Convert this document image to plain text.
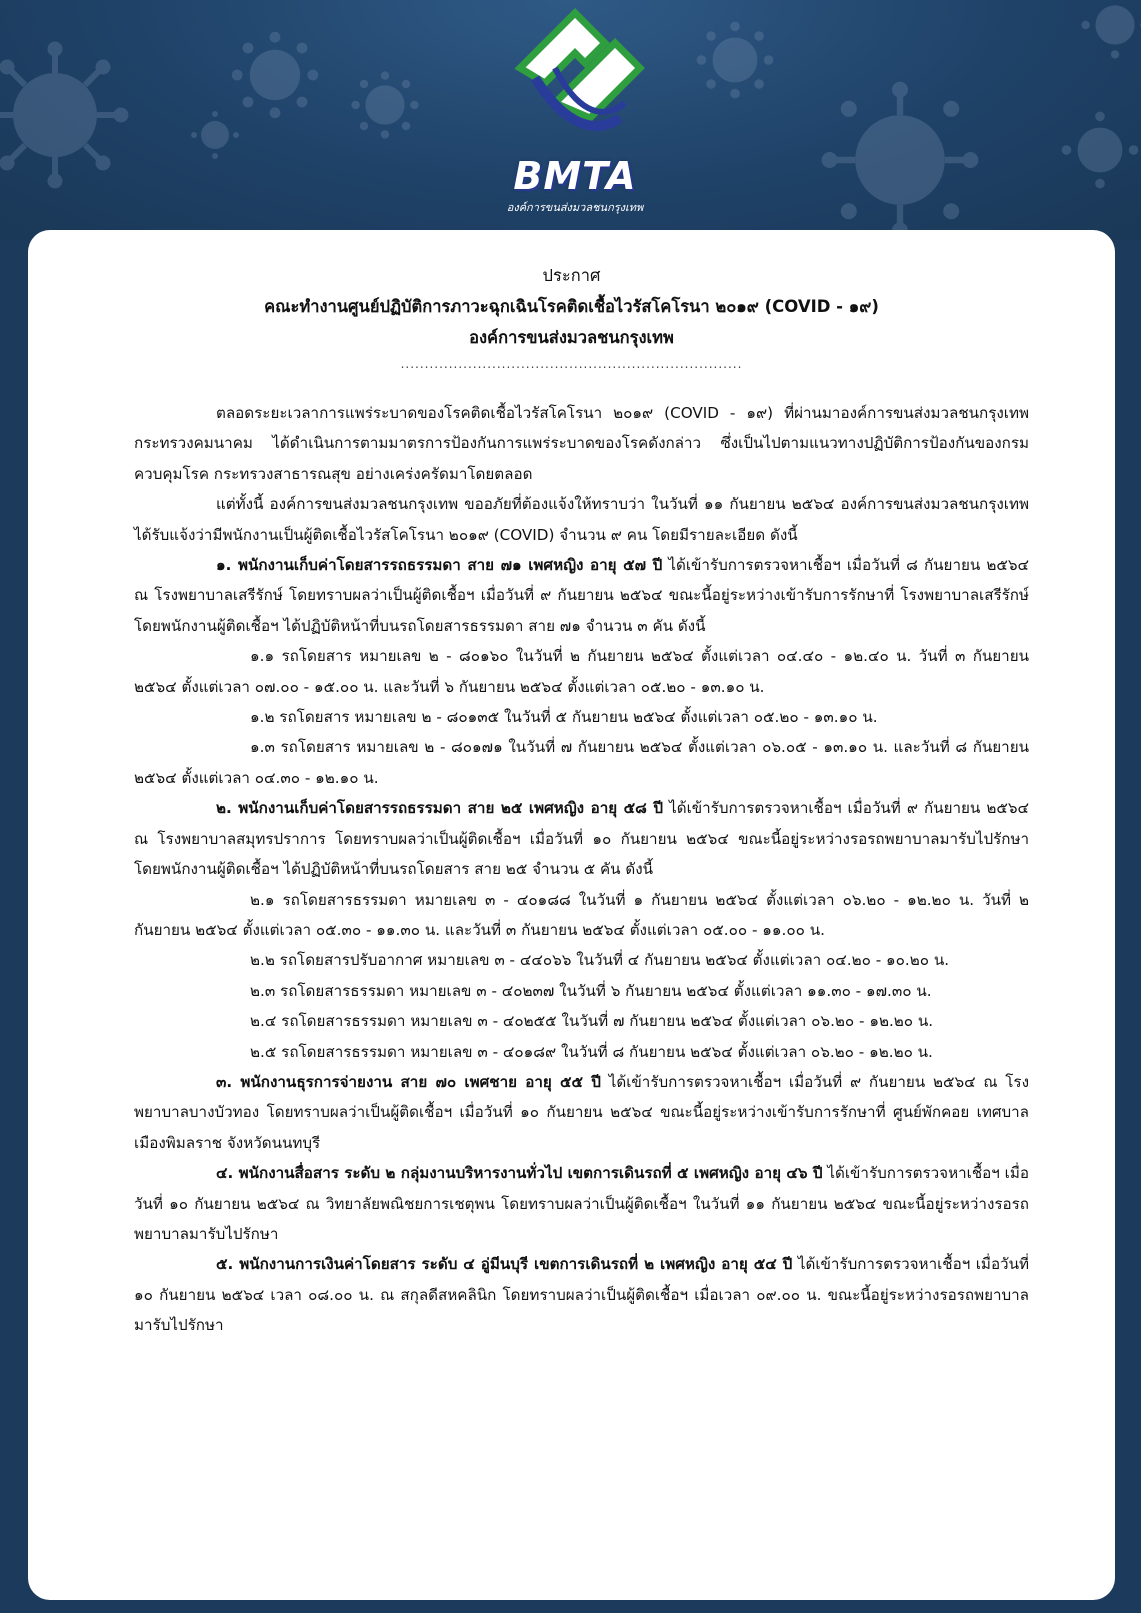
BMTA
องค์การขนส่งมวลชนกรุงเทพ
ประกาศ
คณะทำงานศูนย์ปฏิบัติการภาวะฉุกเฉินโรคติดเชื้อไวรัสโคโรนา ๒๐๑๙ (COVID - ๑๙)
องค์การขนส่งมวลชนกรุงเทพ
.......................................................................

ตลอดระยะเวลาการแพร่ระบาดของโรคติดเชื้อไวรัสโคโรนา ๒๐๑๙ (COVID - ๑๙) ที่ผ่านมาองค์การขนส่งมวลชนกรุงเทพ กระทรวงคมนาคม ได้ดำเนินการตามมาตรการป้องกันการแพร่ระบาดของโรคดังกล่าว ซึ่งเป็นไปตามแนวทางปฏิบัติการป้องกันของกรมควบคุมโรค กระทรวงสาธารณสุข อย่างเคร่งครัดมาโดยตลอด

แต่ทั้งนี้ องค์การขนส่งมวลชนกรุงเทพ ขออภัยที่ต้องแจ้งให้ทราบว่า ในวันที่ ๑๑ กันยายน ๒๕๖๔ องค์การขนส่งมวลชนกรุงเทพ ได้รับแจ้งว่ามีพนักงานเป็นผู้ติดเชื้อไวรัสโคโรนา ๒๐๑๙ (COVID) จำนวน ๙ คน โดยมีรายละเอียด ดังนี้

๑. พนักงานเก็บค่าโดยสารรถธรรมดา สาย ๗๑ เพศหญิง อายุ ๕๗ ปี ได้เข้ารับการตรวจหาเชื้อฯ เมื่อวันที่ ๘ กันยายน ๒๕๖๔ ณ โรงพยาบาลเสรีรักษ์ โดยทราบผลว่าเป็นผู้ติดเชื้อฯ เมื่อวันที่ ๙ กันยายน ๒๕๖๔ ขณะนี้อยู่ระหว่างเข้ารับการรักษาที่ โรงพยาบาลเสรีรักษ์ โดยพนักงานผู้ติดเชื้อฯ ได้ปฏิบัติหน้าที่บนรถโดยสารธรรมดา สาย ๗๑ จำนวน ๓ คัน ดังนี้

๑.๑ รถโดยสาร หมายเลข ๒ - ๘๐๑๖๐ ในวันที่ ๒ กันยายน ๒๕๖๔ ตั้งแต่เวลา ๐๔.๔๐ - ๑๒.๔๐ น. วันที่ ๓ กันยายน ๒๕๖๔ ตั้งแต่เวลา ๐๗.๐๐ - ๑๕.๐๐ น. และวันที่ ๖ กันยายน ๒๕๖๔ ตั้งแต่เวลา ๐๕.๒๐ - ๑๓.๑๐ น.

๑.๒ รถโดยสาร หมายเลข ๒ - ๘๐๑๓๕ ในวันที่ ๕ กันยายน ๒๕๖๔ ตั้งแต่เวลา ๐๕.๒๐ - ๑๓.๑๐ น.

๑.๓ รถโดยสาร หมายเลข ๒ - ๘๐๑๗๑ ในวันที่ ๗ กันยายน ๒๕๖๔ ตั้งแต่เวลา ๐๖.๐๕ - ๑๓.๑๐ น. และวันที่ ๘ กันยายน ๒๕๖๔ ตั้งแต่เวลา ๐๔.๓๐ - ๑๒.๑๐ น.

๒. พนักงานเก็บค่าโดยสารรถธรรมดา สาย ๒๕ เพศหญิง อายุ ๕๘ ปี ได้เข้ารับการตรวจหาเชื้อฯ เมื่อวันที่ ๙ กันยายน ๒๕๖๔ ณ โรงพยาบาลสมุทรปราการ โดยทราบผลว่าเป็นผู้ติดเชื้อฯ เมื่อวันที่ ๑๐ กันยายน ๒๕๖๔ ขณะนี้อยู่ระหว่างรอรถพยาบาลมารับไปรักษา โดยพนักงานผู้ติดเชื้อฯ ได้ปฏิบัติหน้าที่บนรถโดยสาร สาย ๒๕ จำนวน ๕ คัน ดังนี้

๒.๑ รถโดยสารธรรมดา หมายเลข ๓ - ๔๐๑๘๘ ในวันที่ ๑ กันยายน ๒๕๖๔ ตั้งแต่เวลา ๐๖.๒๐ - ๑๒.๒๐ น. วันที่ ๒ กันยายน ๒๕๖๔ ตั้งแต่เวลา ๐๕.๓๐ - ๑๑.๓๐ น. และวันที่ ๓ กันยายน ๒๕๖๔ ตั้งแต่เวลา ๐๕.๐๐ - ๑๑.๐๐ น.

๒.๒ รถโดยสารปรับอากาศ หมายเลข ๓ - ๔๔๐๖๖ ในวันที่ ๔ กันยายน ๒๕๖๔ ตั้งแต่เวลา ๐๔.๒๐ - ๑๐.๒๐ น.

๒.๓ รถโดยสารธรรมดา หมายเลข ๓ - ๔๐๒๓๗ ในวันที่ ๖ กันยายน ๒๕๖๔ ตั้งแต่เวลา ๑๑.๓๐ - ๑๗.๓๐ น.

๒.๔ รถโดยสารธรรมดา หมายเลข ๓ - ๔๐๒๕๕ ในวันที่ ๗ กันยายน ๒๕๖๔ ตั้งแต่เวลา ๐๖.๒๐ - ๑๒.๒๐ น.

๒.๕ รถโดยสารธรรมดา หมายเลข ๓ - ๔๐๑๘๙ ในวันที่ ๘ กันยายน ๒๕๖๔ ตั้งแต่เวลา ๐๖.๒๐ - ๑๒.๒๐ น.

๓. พนักงานธุรการจ่ายงาน สาย ๗๐ เพศชาย อายุ ๕๕ ปี ได้เข้ารับการตรวจหาเชื้อฯ เมื่อวันที่ ๙ กันยายน ๒๕๖๔ ณ โรงพยาบาลบางบัวทอง โดยทราบผลว่าเป็นผู้ติดเชื้อฯ เมื่อวันที่ ๑๐ กันยายน ๒๕๖๔ ขณะนี้อยู่ระหว่างเข้ารับการรักษาที่ ศูนย์พักคอย เทศบาลเมืองพิมลราช จังหวัดนนทบุรี

๔. พนักงานสื่อสาร ระดับ ๒ กลุ่มงานบริหารงานทั่วไป เขตการเดินรถที่ ๕ เพศหญิง อายุ ๔๖ ปี ได้เข้ารับการตรวจหาเชื้อฯ เมื่อวันที่ ๑๐ กันยายน ๒๕๖๔ ณ วิทยาลัยพณิชยการเชตุพน โดยทราบผลว่าเป็นผู้ติดเชื้อฯ ในวันที่ ๑๑ กันยายน ๒๕๖๔ ขณะนี้อยู่ระหว่างรอรถพยาบาลมารับไปรักษา

๕. พนักงานการเงินค่าโดยสาร ระดับ ๔ อู่มีนบุรี เขตการเดินรถที่ ๒ เพศหญิง อายุ ๕๔ ปี ได้เข้ารับการตรวจหาเชื้อฯ เมื่อวันที่ ๑๐ กันยายน ๒๕๖๔ เวลา ๐๘.๐๐ น. ณ สกุลดีสหคลินิก โดยทราบผลว่าเป็นผู้ติดเชื้อฯ เมื่อเวลา ๐๙.๐๐ น. ขณะนี้อยู่ระหว่างรอรถพยาบาลมารับไปรักษา
